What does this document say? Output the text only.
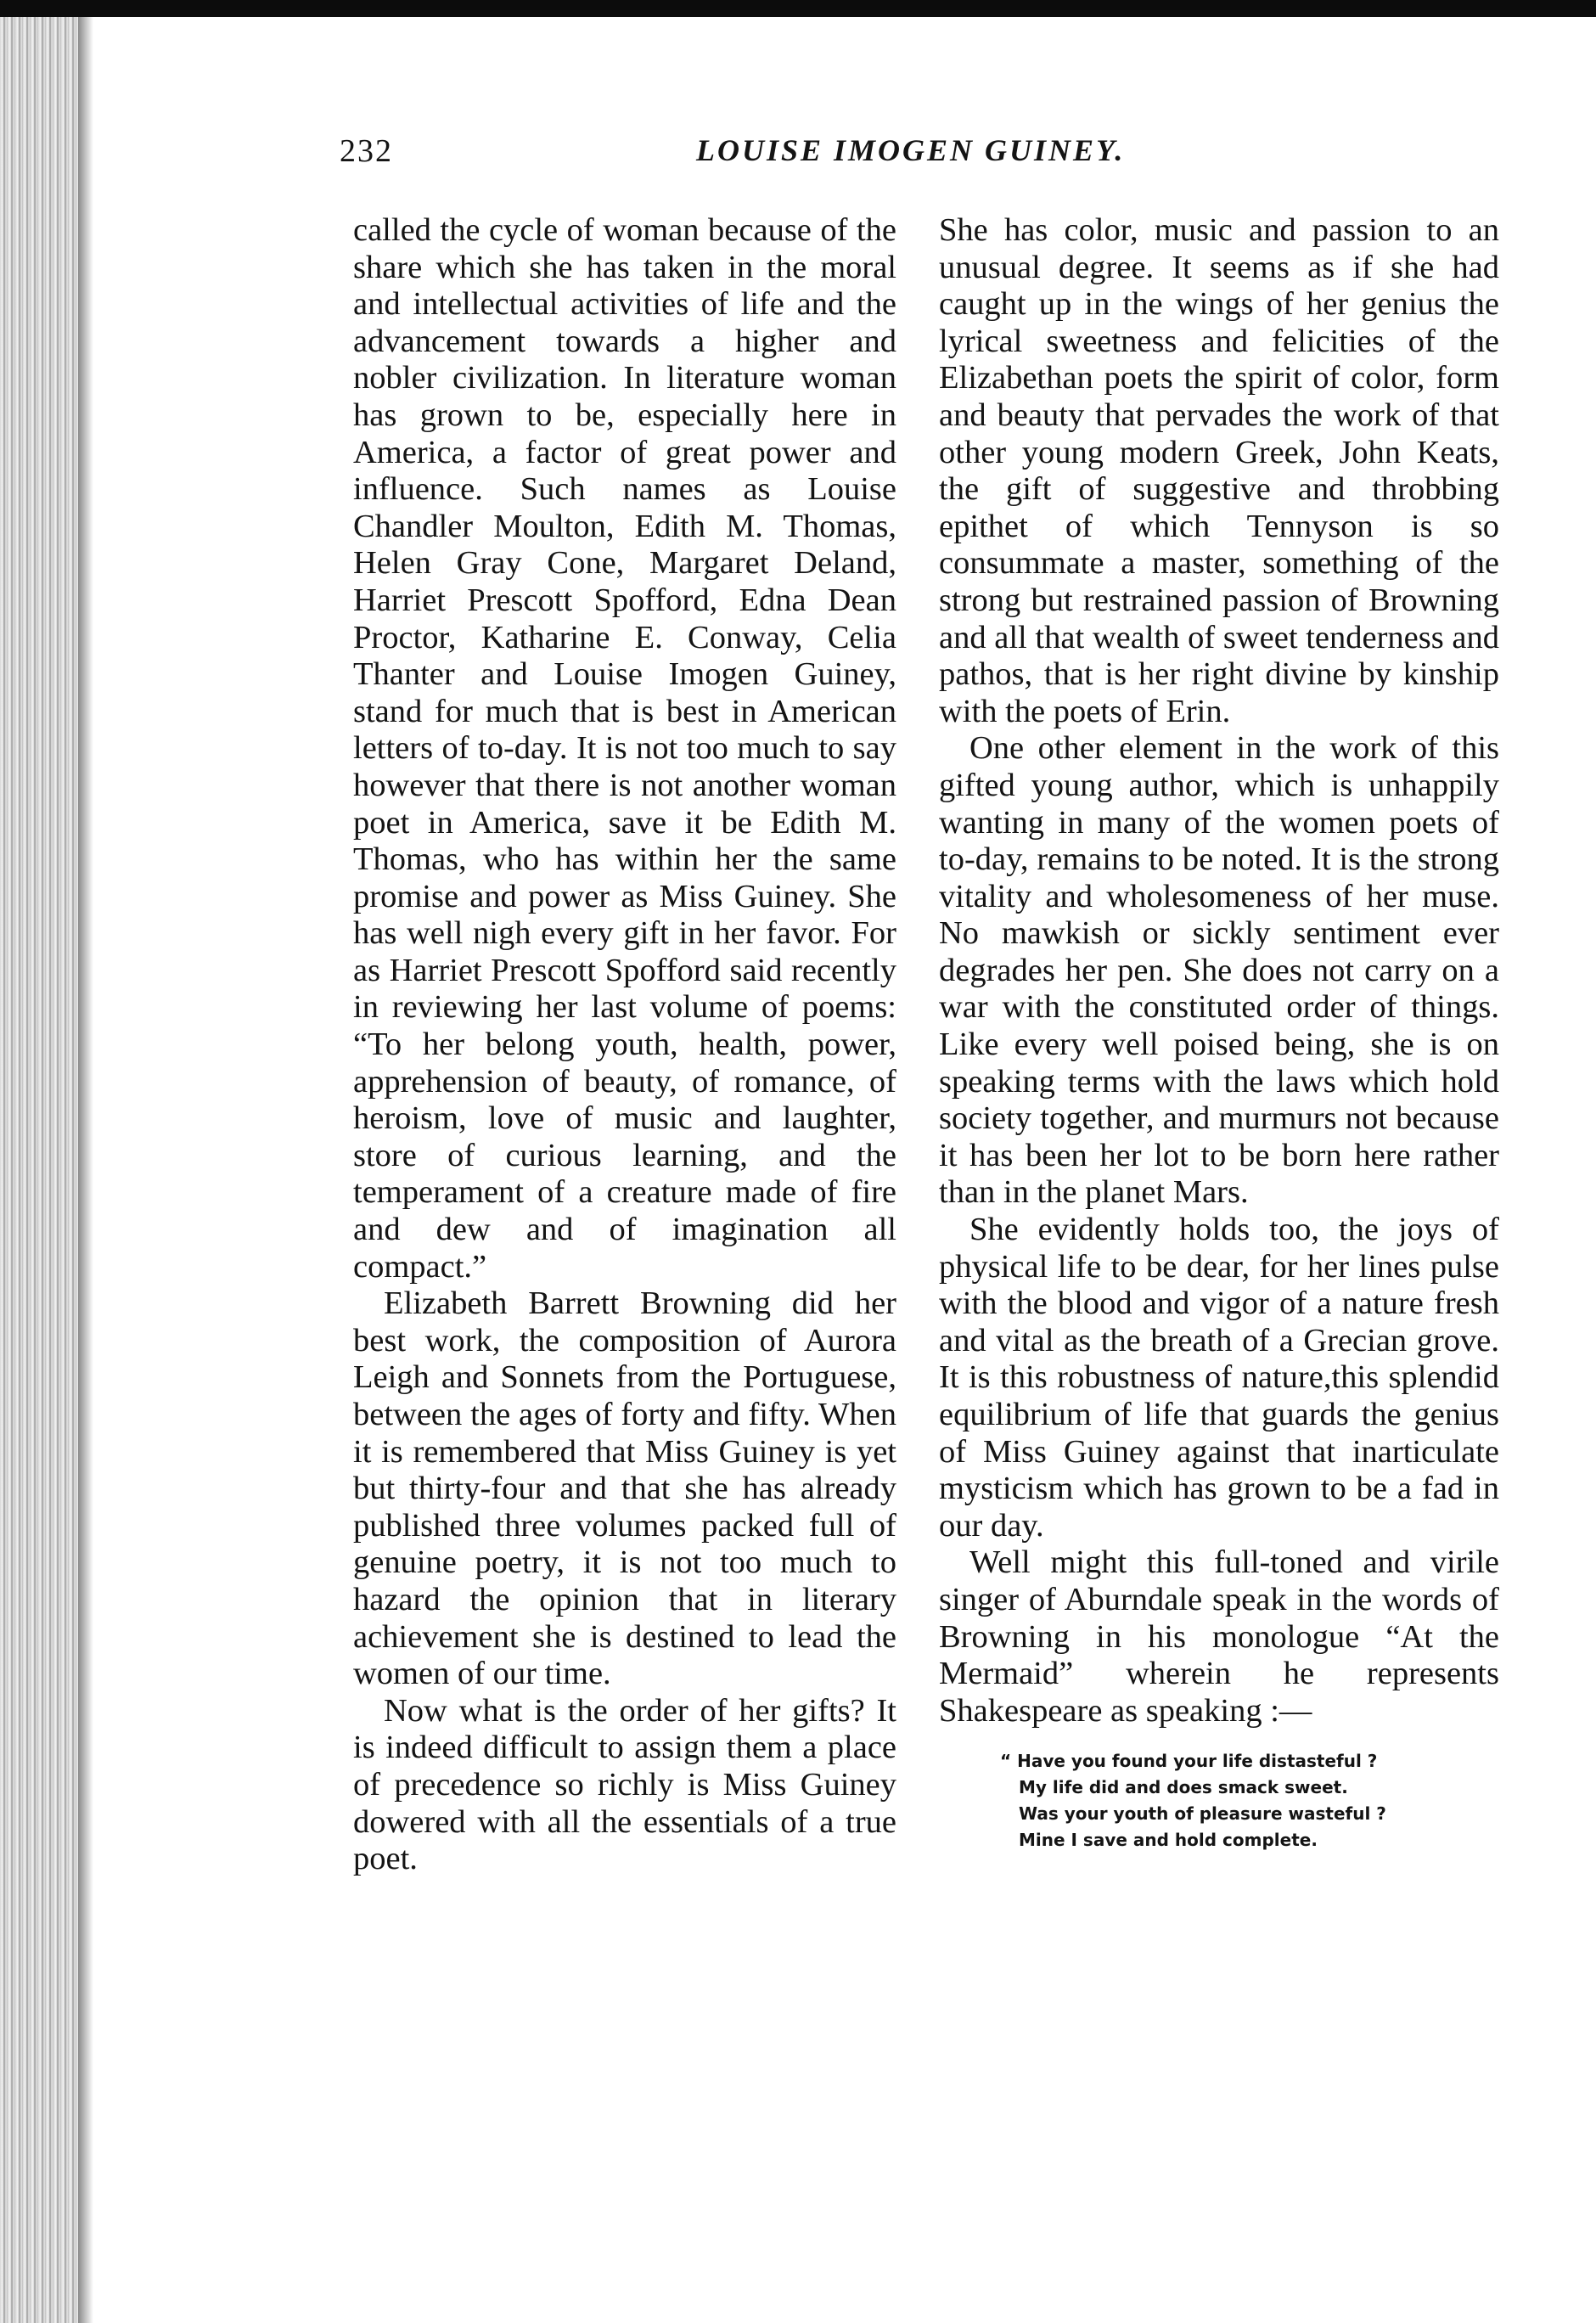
232	LOUISE IMOGEN GUINEY.

called the cycle of woman because of the share which she has taken in the moral and intellectual activities of life and the advancement towards a higher and nobler civilization. In literature woman has grown to be, especially here in America, a factor of great power and influence. Such names as Louise Chandler Moulton, Edith M. Thomas, Helen Gray Cone, Margaret Deland, Harriet Prescott Spofford, Edna Dean Proctor, Katharine E. Conway, Celia Thanter and Louise Imogen Guiney, stand for much that is best in American letters of to-day. It is not too much to say however that there is not another woman poet in America, save it be Edith M. Thomas, who has within her the same promise and power as Miss Guiney. She has well nigh every gift in her favor. For as Harriet Prescott Spofford said recently in reviewing her last volume of poems: “To her belong youth, health, power, apprehension of beauty, of romance, of heroism, love of music and laughter, store of curious learning, and the temperament of a creature made of fire and dew and of imagination all compact.”

Elizabeth Barrett Browning did her best work, the composition of Aurora Leigh and Sonnets from the Portuguese, between the ages of forty and fifty. When it is remembered that Miss Guiney is yet but thirty-four and that she has already published three volumes packed full of genuine poetry, it is not too much to hazard the opinion that in literary achievement she is destined to lead the women of our time.

Now what is the order of her gifts? It is indeed difficult to assign them a place of precedence so richly is Miss Guiney dowered with all the essentials of a true poet.

She has color, music and passion to an unusual degree. It seems as if she had caught up in the wings of her genius the lyrical sweetness and felicities of the Elizabethan poets the spirit of color, form and beauty that pervades the work of that other young modern Greek, John Keats, the gift of suggestive and throbbing epithet of which Tennyson is so consummate a master, something of the strong but restrained passion of Browning and all that wealth of sweet tenderness and pathos, that is her right divine by kinship with the poets of Erin.

One other element in the work of this gifted young author, which is unhappily wanting in many of the women poets of to-day, remains to be noted. It is the strong vitality and wholesomeness of her muse. No mawkish or sickly sentiment ever degrades her pen. She does not carry on a war with the constituted order of things. Like every well poised being, she is on speaking terms with the laws which hold society together, and murmurs not because it has been her lot to be born here rather than in the planet Mars.

She evidently holds too, the joys of physical life to be dear, for her lines pulse with the blood and vigor of a nature fresh and vital as the breath of a Grecian grove. It is this robustness of nature,this splendid equilibrium of life that guards the genius of Miss Guiney against that inarticulate mysticism which has grown to be a fad in our day.

Well might this full-toned and virile singer of Aburndale speak in the words of Browning in his monologue “At the Mermaid” wherein he represents Shakespeare as speaking :—

“ Have you found your life distasteful ?
My life did and does smack sweet.
Was your youth of pleasure wasteful ?
Mine I save and hold complete.
